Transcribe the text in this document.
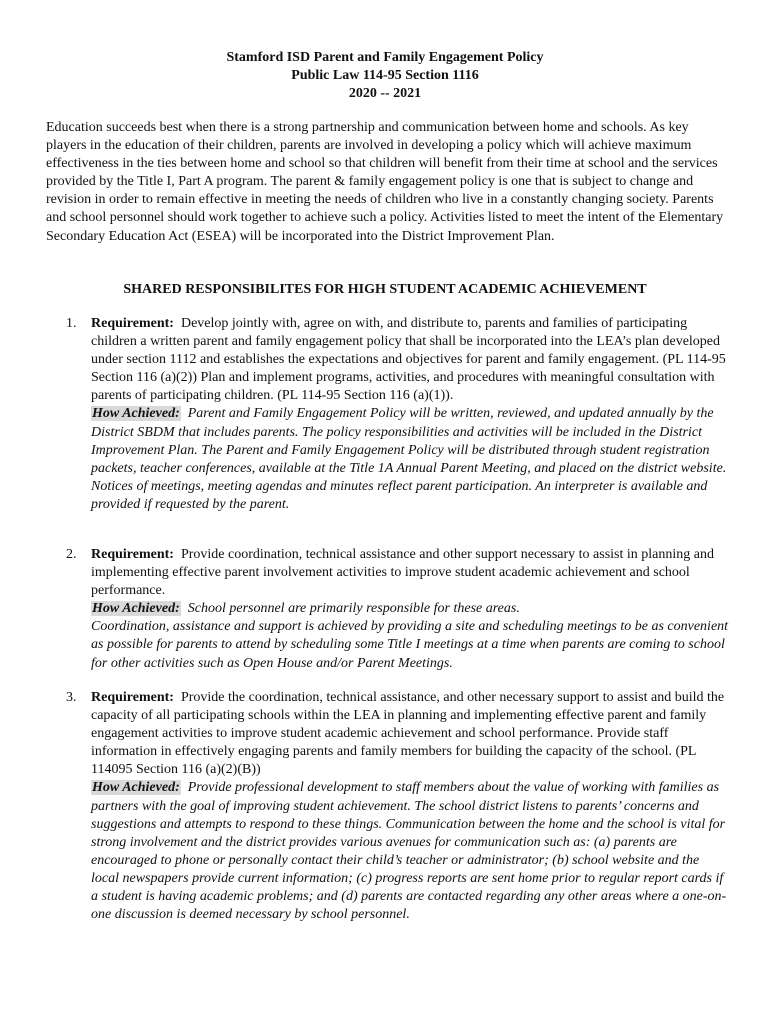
Stamford ISD Parent and Family Engagement Policy
Public Law 114-95 Section 1116
2020 -- 2021
Education succeeds best when there is a strong partnership and communication between home and schools. As key players in the education of their children, parents are involved in developing a policy which will achieve maximum effectiveness in the ties between home and school so that children will benefit from their time at school and the services provided by the Title I, Part A program. The parent & family engagement policy is one that is subject to change and revision in order to remain effective in meeting the needs of children who live in a constantly changing society. Parents and school personnel should work together to achieve such a policy. Activities listed to meet the intent of the Elementary Secondary Education Act (ESEA) will be incorporated into the District Improvement Plan.
SHARED RESPONSIBILITES FOR HIGH STUDENT ACADEMIC ACHIEVEMENT
1.	Requirement: Develop jointly with, agree on with, and distribute to, parents and families of participating children a written parent and family engagement policy that shall be incorporated into the LEA’s plan developed under section 1112 and establishes the expectations and objectives for parent and family engagement. (PL 114-95 Section 116 (a)(2)) Plan and implement programs, activities, and procedures with meaningful consultation with parents of participating children. (PL 114-95 Section 116 (a)(1)).
How Achieved: Parent and Family Engagement Policy will be written, reviewed, and updated annually by the District SBDM that includes parents. The policy responsibilities and activities will be included in the District Improvement Plan. The Parent and Family Engagement Policy will be distributed through student registration packets, teacher conferences, available at the Title 1A Annual Parent Meeting, and placed on the district website. Notices of meetings, meeting agendas and minutes reflect parent participation. An interpreter is available and provided if requested by the parent.
2.	Requirement: Provide coordination, technical assistance and other support necessary to assist in planning and implementing effective parent involvement activities to improve student academic achievement and school performance.
How Achieved: School personnel are primarily responsible for these areas.
Coordination, assistance and support is achieved by providing a site and scheduling meetings to be as convenient as possible for parents to attend by scheduling some Title I meetings at a time when parents are coming to school for other activities such as Open House and/or Parent Meetings.
3.	Requirement: Provide the coordination, technical assistance, and other necessary support to assist and build the capacity of all participating schools within the LEA in planning and implementing effective parent and family engagement activities to improve student academic achievement and school performance. Provide staff information in effectively engaging parents and family members for building the capacity of the school. (PL 114095 Section 116 (a)(2)(B))
How Achieved: Provide professional development to staff members about the value of working with families as partners with the goal of improving student achievement. The school district listens to parents’ concerns and suggestions and attempts to respond to these things. Communication between the home and the school is vital for strong involvement and the district provides various avenues for communication such as: (a) parents are encouraged to phone or personally contact their child’s teacher or administrator; (b) school website and the local newspapers provide current information; (c) progress reports are sent home prior to regular report cards if a student is having academic problems; and (d) parents are contacted regarding any other areas where a one-on-one discussion is deemed necessary by school personnel.
